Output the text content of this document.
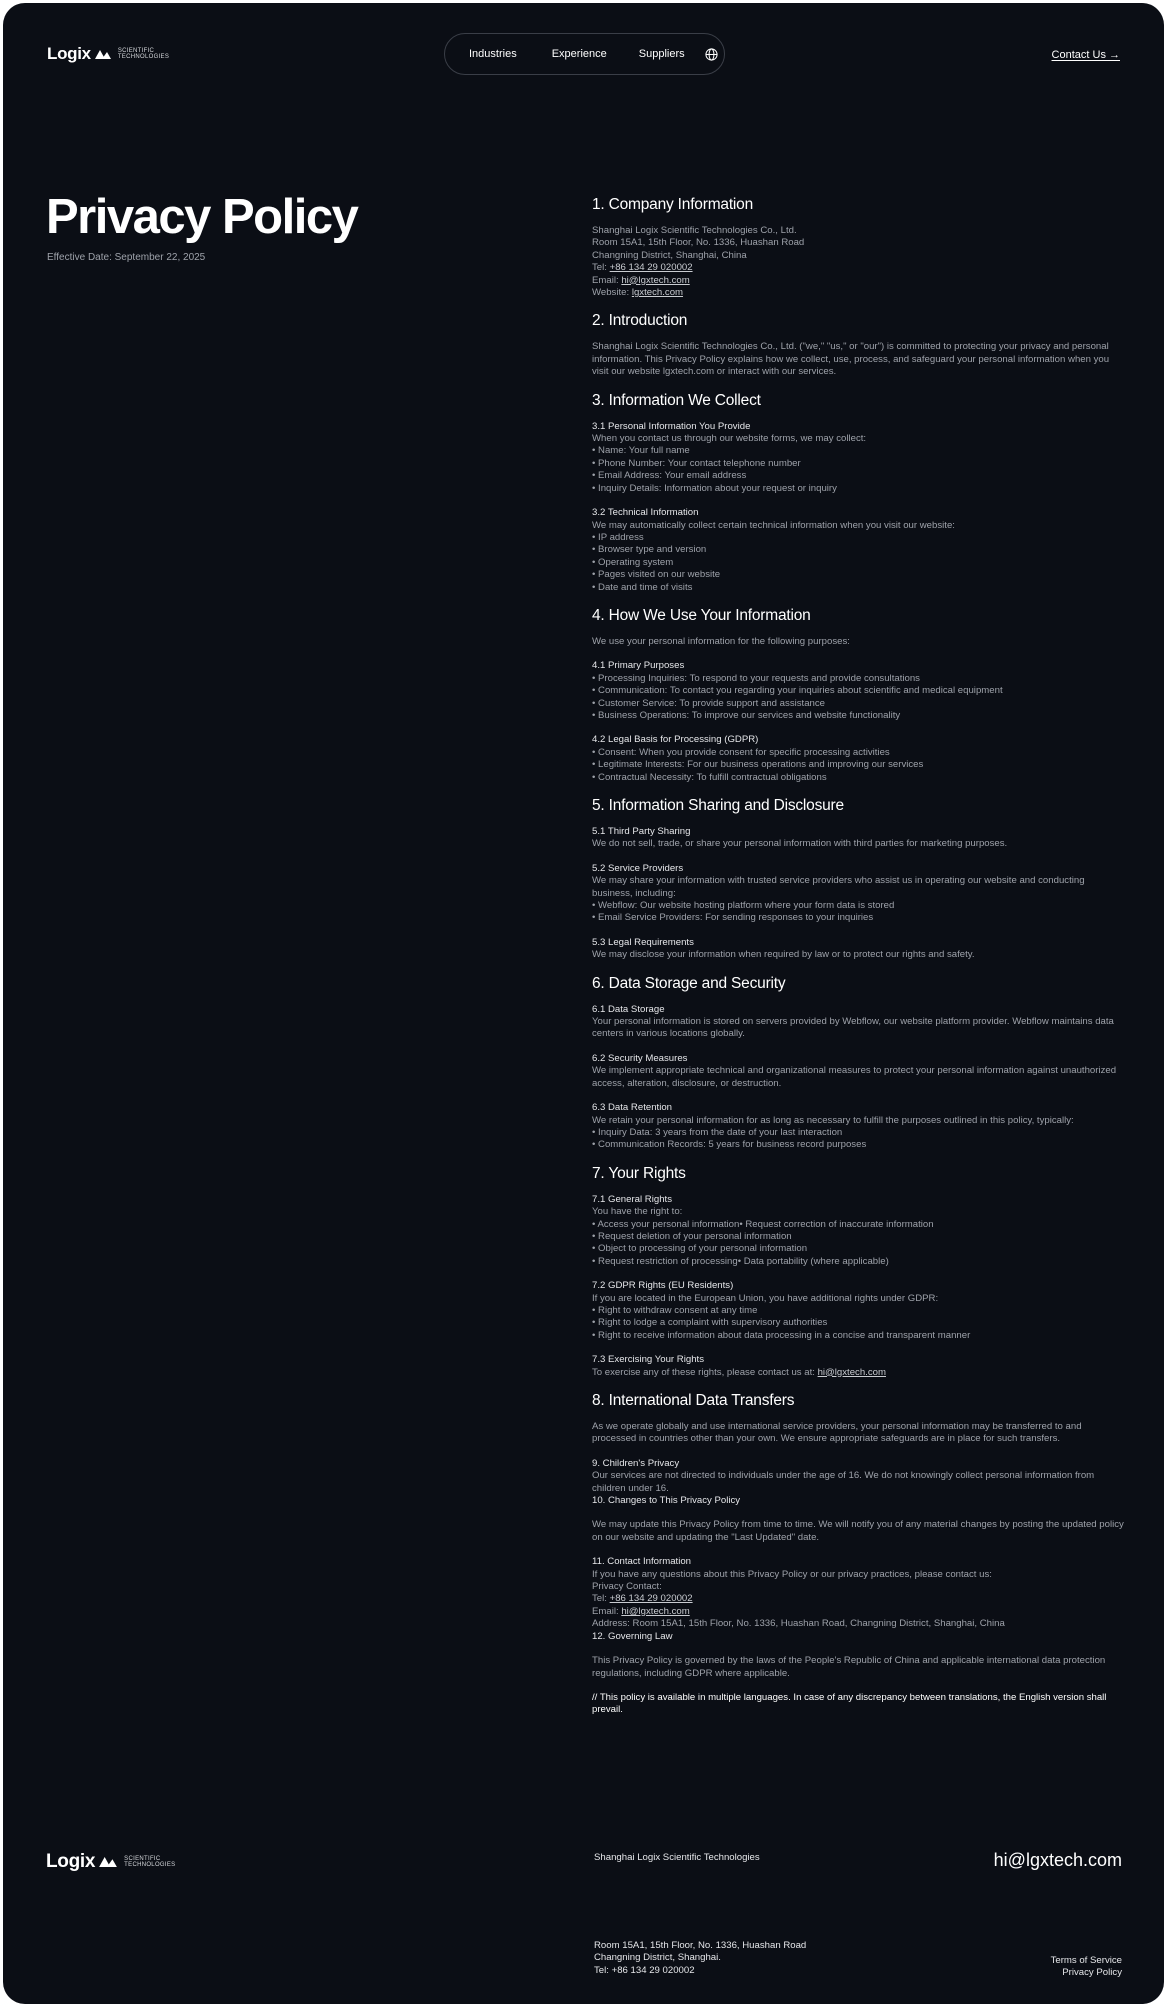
Logix	SCIENTIFIC
TECHNOLOGIES	Industries	Experience	Suppliers	Contact Us →
Privacy Policy
Effective Date: September 22, 2025
1. Company Information
Shanghai Logix Scientific Technologies Co., Ltd.
Room 15A1, 15th Floor, No. 1336, Huashan Road
Changning District, Shanghai, China
Tel: +86 134 29 020002
Email: hi@lgxtech.com
Website: lgxtech.com
2. Introduction
Shanghai Logix Scientific Technologies Co., Ltd. ("we," "us," or "our") is committed to protecting your privacy and personal information. This Privacy Policy explains how we collect, use, process, and safeguard your personal information when you visit our website lgxtech.com or interact with our services.
3. Information We Collect
3.1 Personal Information You Provide
When you contact us through our website forms, we may collect:
• Name: Your full name
• Phone Number: Your contact telephone number
• Email Address: Your email address
• Inquiry Details: Information about your request or inquiry
3.2 Technical Information
We may automatically collect certain technical information when you visit our website:
• IP address
• Browser type and version
• Operating system
• Pages visited on our website
• Date and time of visits
4. How We Use Your Information
We use your personal information for the following purposes:
4.1 Primary Purposes
• Processing Inquiries: To respond to your requests and provide consultations
• Communication: To contact you regarding your inquiries about scientific and medical equipment
• Customer Service: To provide support and assistance
• Business Operations: To improve our services and website functionality
4.2 Legal Basis for Processing (GDPR)
• Consent: When you provide consent for specific processing activities
• Legitimate Interests: For our business operations and improving our services
• Contractual Necessity: To fulfill contractual obligations
5. Information Sharing and Disclosure
5.1 Third Party Sharing
We do not sell, trade, or share your personal information with third parties for marketing purposes.
5.2 Service Providers
We may share your information with trusted service providers who assist us in operating our website and conducting business, including:
• Webflow: Our website hosting platform where your form data is stored
• Email Service Providers: For sending responses to your inquiries
5.3 Legal Requirements
We may disclose your information when required by law or to protect our rights and safety.
6. Data Storage and Security
6.1 Data Storage
Your personal information is stored on servers provided by Webflow, our website platform provider. Webflow maintains data centers in various locations globally.
6.2 Security Measures
We implement appropriate technical and organizational measures to protect your personal information against unauthorized access, alteration, disclosure, or destruction.
6.3 Data Retention
We retain your personal information for as long as necessary to fulfill the purposes outlined in this policy, typically:
• Inquiry Data: 3 years from the date of your last interaction
• Communication Records: 5 years for business record purposes
7. Your Rights
7.1 General Rights
You have the right to:
• Access your personal information• Request correction of inaccurate information
• Request deletion of your personal information
• Object to processing of your personal information
• Request restriction of processing• Data portability (where applicable)
7.2 GDPR Rights (EU Residents)
If you are located in the European Union, you have additional rights under GDPR:
• Right to withdraw consent at any time
• Right to lodge a complaint with supervisory authorities
• Right to receive information about data processing in a concise and transparent manner
7.3 Exercising Your Rights
To exercise any of these rights, please contact us at: hi@lgxtech.com
8. International Data Transfers
As we operate globally and use international service providers, your personal information may be transferred to and processed in countries other than your own. We ensure appropriate safeguards are in place for such transfers.
9. Children's Privacy
Our services are not directed to individuals under the age of 16. We do not knowingly collect personal information from children under 16.
10. Changes to This Privacy Policy
We may update this Privacy Policy from time to time. We will notify you of any material changes by posting the updated policy on our website and updating the "Last Updated" date.
11. Contact Information
If you have any questions about this Privacy Policy or our privacy practices, please contact us:
Privacy Contact:
Tel: +86 134 29 020002
Email: hi@lgxtech.com
Address: Room 15A1, 15th Floor, No. 1336, Huashan Road, Changning District, Shanghai, China
12. Governing Law
This Privacy Policy is governed by the laws of the People's Republic of China and applicable international data protection regulations, including GDPR where applicable.
// This policy is available in multiple languages. In case of any discrepancy between translations, the English version shall prevail.
Logix	SCIENTIFIC
TECHNOLOGIES
Shanghai Logix Scientific Technologies	hi@lgxtech.com
Room 15A1, 15th Floor, No. 1336, Huashan Road
Changning District, Shanghai.
Tel: +86 134 29 020002
Terms of Service
Privacy Policy
